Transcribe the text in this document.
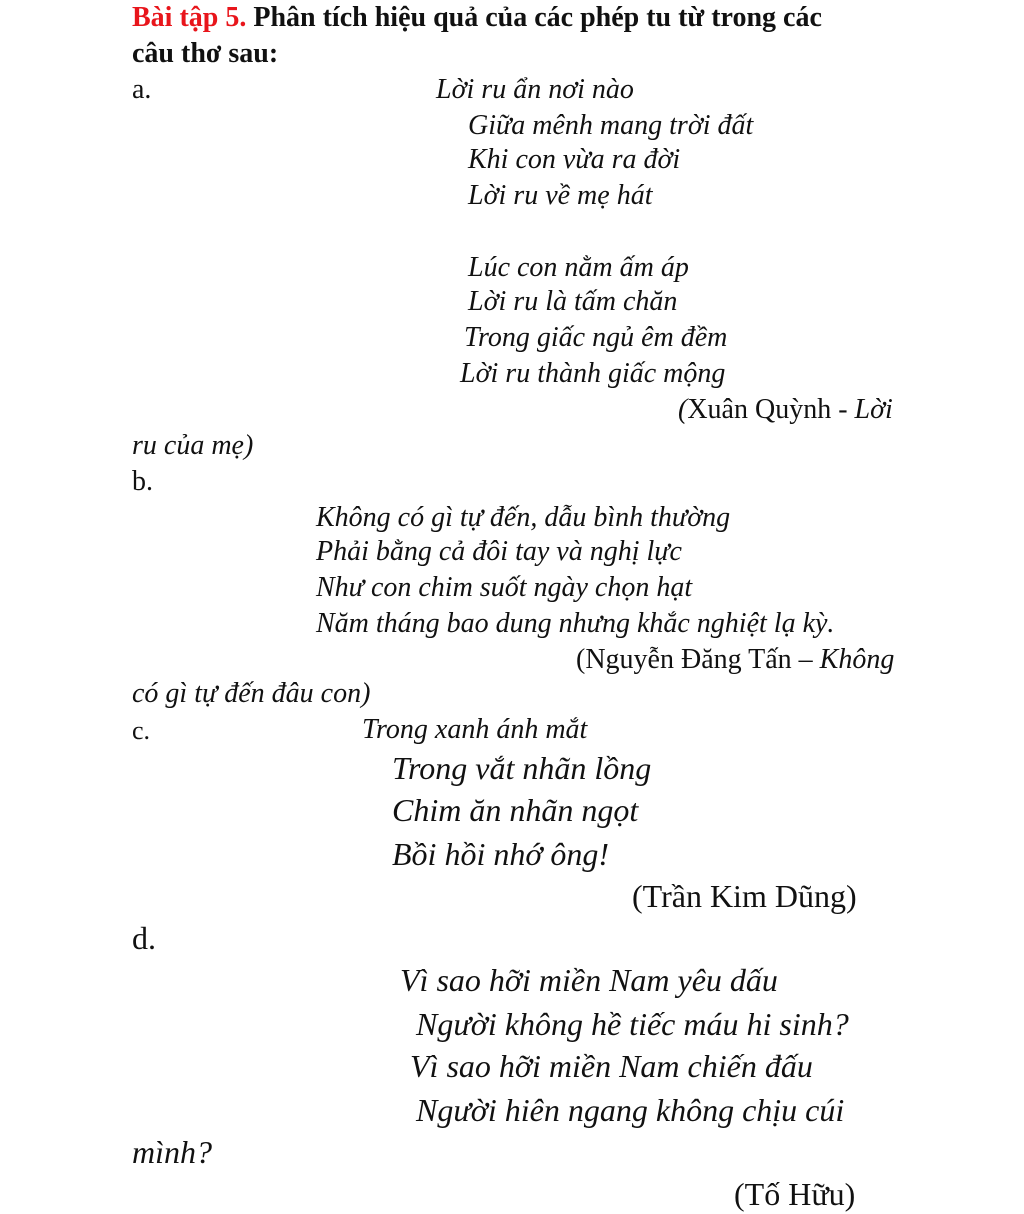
Bài tập 5. Phân tích hiệu quả của các phép tu từ trong các
câu thơ sau:
a.	Lời ru ẩn nơi nào
Giữa mênh mang trời đất
Khi con vừa ra đời
Lời ru về mẹ hát
Lúc con nằm ấm áp
Lời ru là tấm chăn
Trong giấc ngủ êm đềm
Lời ru thành giấc mộng
(Xuân Quỳnh - Lời
ru của mẹ)
b.
Không có gì tự đến, dẫu bình thường
Phải bằng cả đôi tay và nghị lực
Như con chim suốt ngày chọn hạt
Năm tháng bao dung nhưng khắc nghiệt lạ kỳ.
(Nguyễn Đăng Tấn – Không
có gì tự đến đâu con)
c.	Trong xanh ánh mắt
Trong vắt nhãn lồng
Chim ăn nhãn ngọt
Bồi hồi nhớ ông!
(Trần Kim Dũng)
d.
Vì sao hỡi miền Nam yêu dấu
Người không hề tiếc máu hi sinh?
Vì sao hỡi miền Nam chiến đấu
Người hiên ngang không chịu cúi
mình?
(Tố Hữu)
